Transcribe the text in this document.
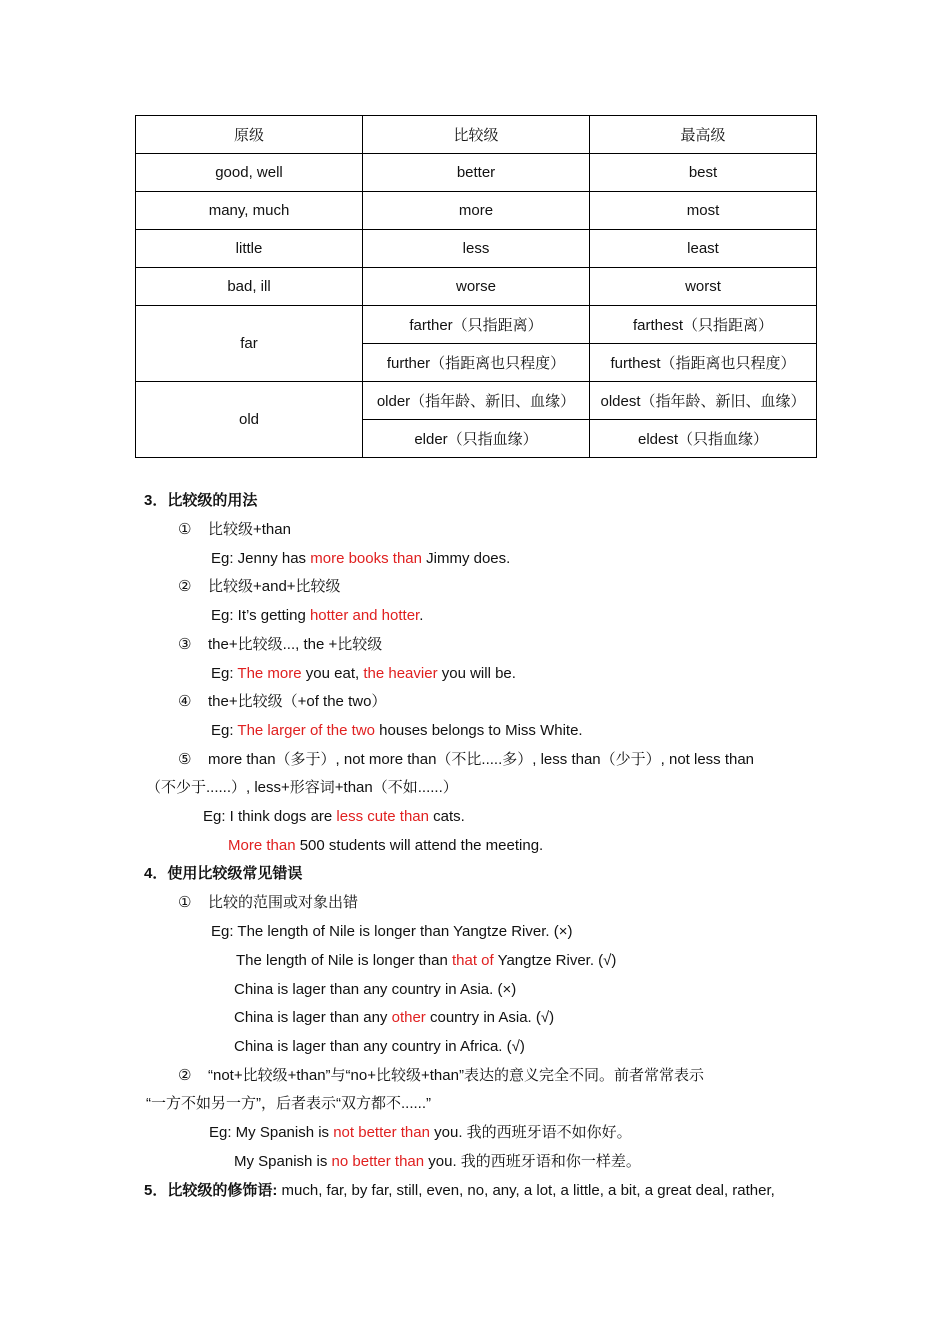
原级	比较级	最高级
good, well	better	best
many, much	more	most
little	less	least
bad, ill	worse	worst
far	farther（只指距离）	farthest（只指距离）
	further（指距离也只程度）	furthest（指距离也只程度）
old	older（指年龄、新旧、血缘）	oldest（指年龄、新旧、血缘）
	elder（只指血缘）	eldest（只指血缘）
3．比较级的用法
① 比较级+than
Eg: Jenny has more books than Jimmy does.
② 比较级+and+比较级
Eg: It’s getting hotter and hotter.
③ the+比较级..., the +比较级
Eg: The more you eat, the heavier you will be.
④ the+比较级（+of the two）
Eg: The larger of the two houses belongs to Miss White.
⑤ more than（多于）, not more than（不比.....多）, less than（少于）, not less than
（不少于......）, less+形容词+than（不如......）
Eg: I think dogs are less cute than cats.
More than 500 students will attend the meeting.
4．使用比较级常见错误
① 比较的范围或对象出错
Eg: The length of Nile is longer than Yangtze River. (×)
The length of Nile is longer than that of Yangtze River. (√)
China is lager than any country in Asia. (×)
China is lager than any other country in Asia. (√)
China is lager than any country in Africa. (√)
② “not+比较级+than”与“no+比较级+than”表达的意义完全不同。前者常常表示
“一方不如另一方”，后者表示“双方都不......”
Eg: My Spanish is not better than you. 我的西班牙语不如你好。
My Spanish is no better than you. 我的西班牙语和你一样差。
5．比较级的修饰语: much, far, by far, still, even, no, any, a lot, a little, a bit, a great deal, rather,
